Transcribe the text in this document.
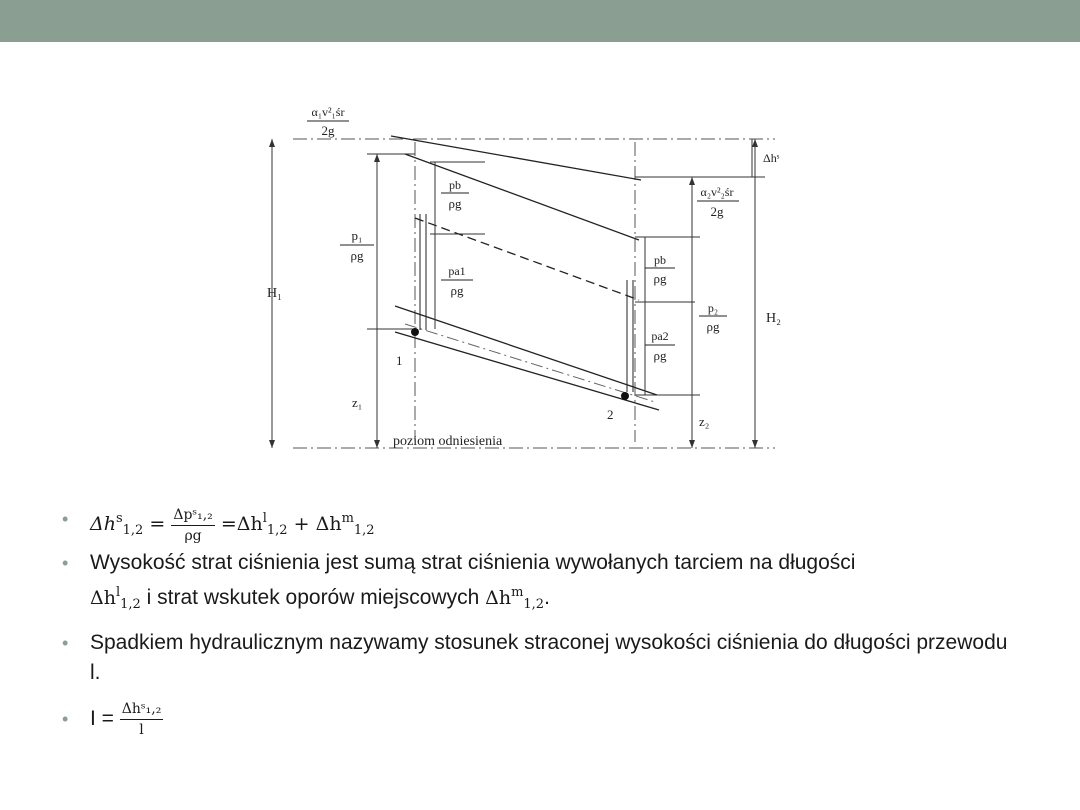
α₁v²₁śr
2g
Δhˢ
α₂v²₂śr
2g
pb
ρg
p₁
ρg
pa1
ρg
pb
ρg
p₂
ρg
pa2
ρg
H₁
H₂
z₁
z₂
1
2
poziom odniesienia
• $\Delta h^s_{1,2} = \frac{\text{Δpˢ₁,₂}}{\rho g} =\Delta h^l_{1,2} + \Delta h^m_{1,2}$
• Wysokość strat ciśnienia jest sumą strat ciśnienia wywołanych tarciem na długości
$\Delta h^l_{1,2}$ i strat wskutek oporów miejscowych $\Delta h^m_{1,2}$.
• Spadkiem hydraulicznym nazywamy stosunek straconej wysokości ciśnienia do długości przewodu l.
• $I = \frac{\text{Δhˢ₁,₂}}{l}$
